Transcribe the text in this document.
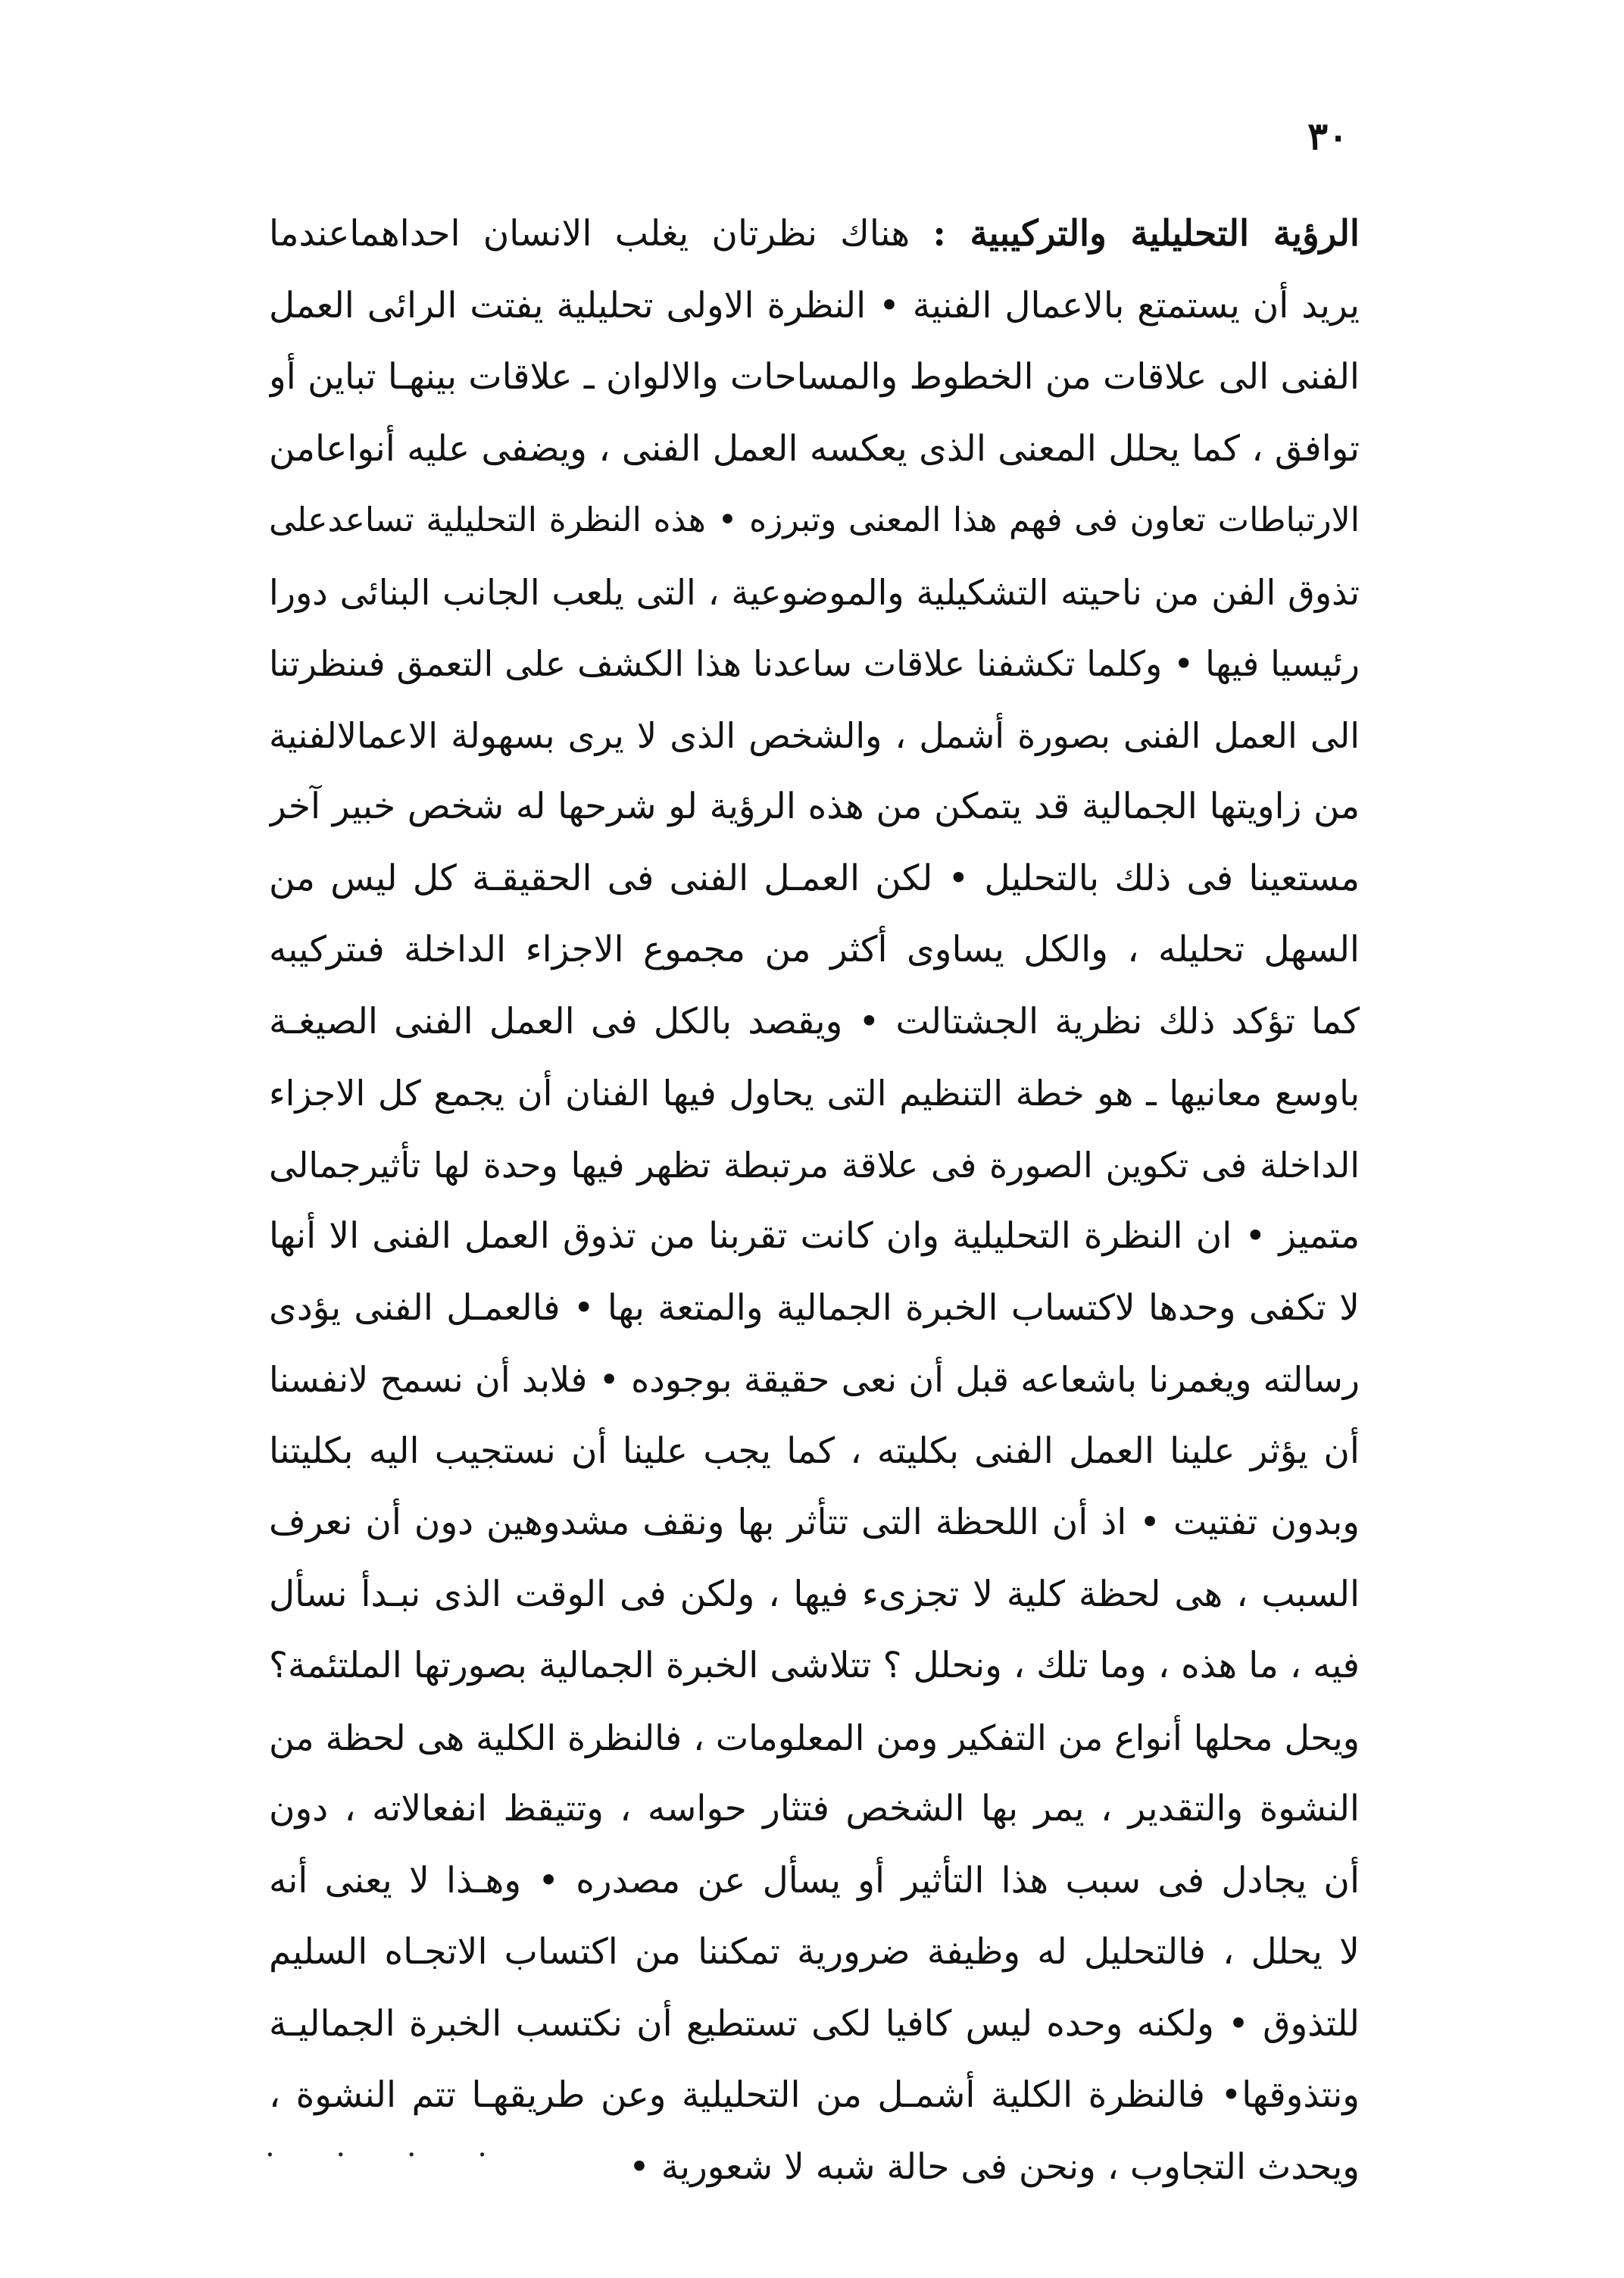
٣٠
الرؤية التحليلية والتركيبية : هناك نظرتان يغلب الانسان احداهماعندما
يريد أن يستمتع بالاعمال الفنية • النظرة الاولى تحليلية يفتت الرائى العمل
الفنى الى علاقات من الخطوط والمساحات والالوان ـ علاقات بينهـا تباين أو
توافق ، كما يحلل المعنى الذى يعكسه العمل الفنى ، ويضفى عليه أنواعامن
الارتباطات تعاون فى فهم هذا المعنى وتبرزه • هذه النظرة التحليلية تساعدعلى
تذوق الفن من ناحيته التشكيلية والموضوعية ، التى يلعب الجانب البنائى دورا
رئيسيا فيها • وكلما تكشفنا علاقات ساعدنا هذا الكشف على التعمق فىنظرتنا
الى العمل الفنى بصورة أشمل ، والشخص الذى لا يرى بسهولة الاعمالالفنية
من زاويتها الجمالية قد يتمكن من هذه الرؤية لو شرحها له شخص خبير آخر
مستعينا فى ذلك بالتحليل • لكن العمـل الفنى فى الحقيقـة كل ليس من
السهل تحليله ، والكل يساوى أكثر من مجموع الاجزاء الداخلة فىتركيبه
كما تؤكد ذلك نظرية الجشتالت • ويقصد بالكل فى العمل الفنى الصيغـة
باوسع معانيها ـ هو خطة التنظيم التى يحاول فيها الفنان أن يجمع كل الاجزاء
الداخلة فى تكوين الصورة فى علاقة مرتبطة تظهر فيها وحدة لها تأثيرجمالى
متميز • ان النظرة التحليلية وان كانت تقربنا من تذوق العمل الفنى الا أنها
لا تكفى وحدها لاكتساب الخبرة الجمالية والمتعة بها • فالعمـل الفنى يؤدى
رسالته ويغمرنا باشعاعه قبل أن نعى حقيقة بوجوده • فلابد أن نسمح لانفسنا
أن يؤثر علينا العمل الفنى بكليته ، كما يجب علينا أن نستجيب اليه بكليتنا
وبدون تفتيت • اذ أن اللحظة التى تتأثر بها ونقف مشدوهين دون أن نعرف
السبب ، هى لحظة كلية لا تجزىء فيها ، ولكن فى الوقت الذى نبـدأ نسأل
فيه ، ما هذه ، وما تلك ، ونحلل ؟ تتلاشى الخبرة الجمالية بصورتها الملتئمة؟
ويحل محلها أنواع من التفكير ومن المعلومات ، فالنظرة الكلية هى لحظة من
النشوة والتقدير ، يمر بها الشخص فتثار حواسه ، وتتيقظ انفعالاته ، دون
أن يجادل فى سبب هذا التأثير أو يسأل عن مصدره • وهـذا لا يعنى أنه
لا يحلل ، فالتحليل له وظيفة ضرورية تمكننا من اكتساب الاتجـاه السليم
للتذوق • ولكنه وحده ليس كافيا لكى تستطيع أن نكتسب الخبرة الجماليـة
ونتذوقها• فالنظرة الكلية أشمـل من التحليلية وعن طريقهـا تتم النشوة ،
ويحدث التجاوب ، ونحن فى حالة شبه لا شعورية •
. . . .
